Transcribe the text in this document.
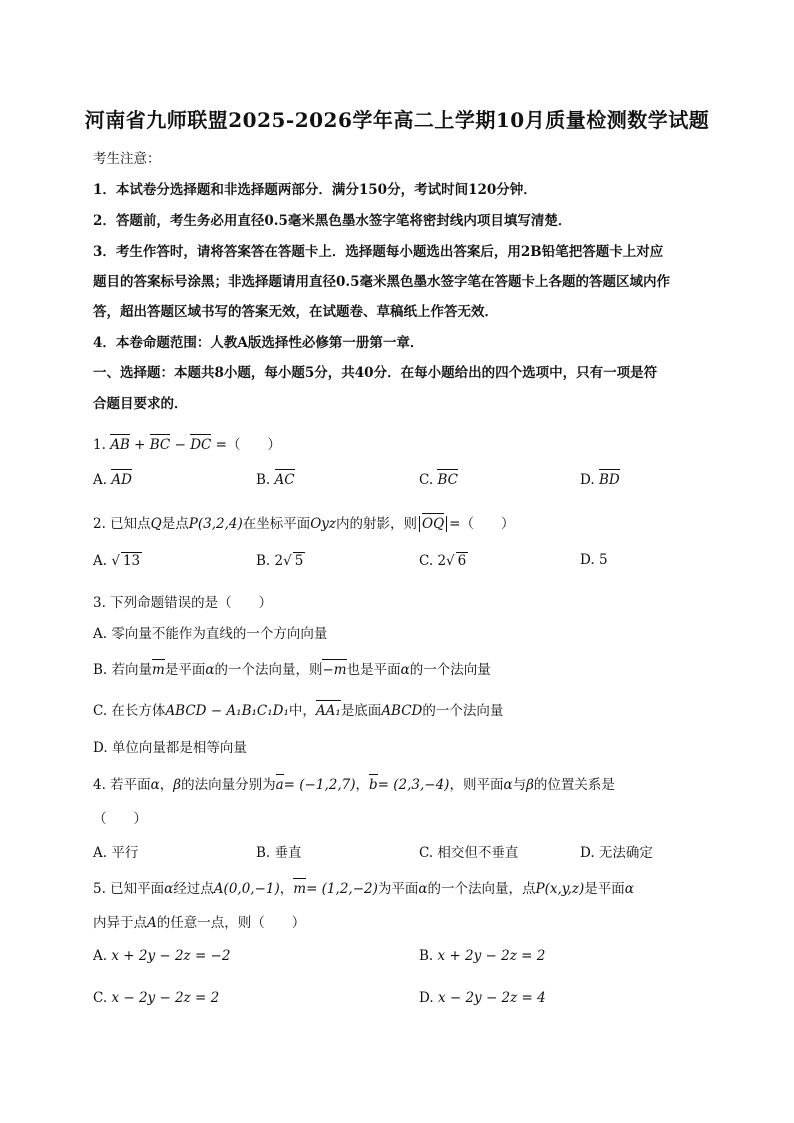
河南省九师联盟2025-2026学年高二上学期10月质量检测数学试题
考生注意：
1．本试卷分选择题和非选择题两部分．满分150分，考试时间120分钟．
2．答题前，考生务必用直径0.5毫米黑色墨水签字笔将密封线内项目填写清楚．
3．考生作答时，请将答案答在答题卡上．选择题每小题选出答案后，用2B铅笔把答题卡上对应
题目的答案标号涂黑；非选择题请用直径0.5毫米黑色墨水签字笔在答题卡上各题的答题区域内作
答，超出答题区域书写的答案无效，在试题卷、草稿纸上作答无效．
4．本卷命题范围：人教A版选择性必修第一册第一章．
一、选择题：本题共8小题，每小题5分，共40分．在每小题给出的四个选项中，只有一项是符
合题目要求的．
1. AB + BC − DC =（　　）
A. AD	B. AC	C. BC	D. BD
2. 已知点Q是点P(3,2,4)在坐标平面Oyz内的射影，则 OQ =（　　）
A. √ 13	B. 2√ 5	C. 2√ 6	D. 5
3. 下列命题错误的是（　　）
A. 零向量不能作为直线的一个方向向量
B. 若向量m是平面α的一个法向量，则−m也是平面α的一个法向量
C. 在长方体ABCD − A₁B₁C₁D₁中，AA₁是底面ABCD的一个法向量
D. 单位向量都是相等向量
4. 若平面α，β的法向量分别为a= (−1,2,7)，b= (2,3,−4)，则平面α与β的位置关系是
（　　）
A. 平行	B. 垂直	C. 相交但不垂直	D. 无法确定
5. 已知平面α经过点A(0,0,−1)，m= (1,2,−2)为平面α的一个法向量，点P(x,y,z)是平面α
内异于点A的任意一点，则（　　）
A. x + 2y − 2z = −2	B. x + 2y − 2z = 2
C. x − 2y − 2z = 2	D. x − 2y − 2z = 4
